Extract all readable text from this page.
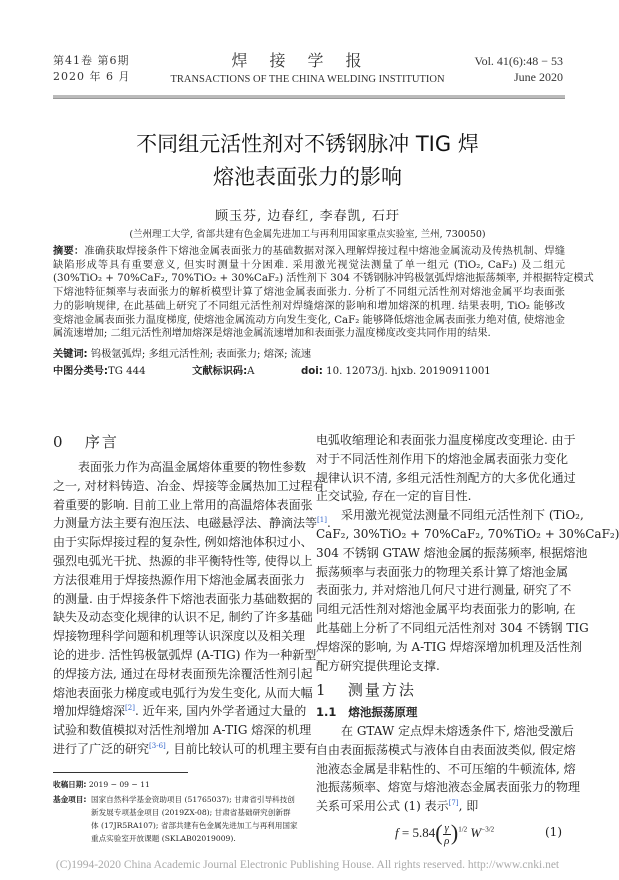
第41卷 第6期
2020 年 6 月
焊接学报
TRANSACTIONS OF THE CHINA WELDING INSTITUTION
Vol. 41(6):48 − 53
June 2020
不同组元活性剂对不锈钢脉冲 TIG 焊
熔池表面张力的影响
顾玉芬, 边春红, 李春凯, 石玗
(兰州理工大学, 省部共建有色金属先进加工与再利用国家重点实验室, 兰州, 730050)
摘要：准确获取焊接条件下熔池金属表面张力的基础数据对深入理解焊接过程中熔池金属流动及传热机制、焊缝
缺陷形成等具有重要意义, 但实时测量十分困难. 采用激光视觉法测量了单一组元 (TiO₂, CaF₂) 及二组元
(30%TiO₂ + 70%CaF₂, 70%TiO₂ + 30%CaF₂) 活性剂下 304 不锈钢脉冲钨极氩弧焊熔池振荡频率, 并根据特定模式
下熔池特征频率与表面张力的解析模型计算了熔池金属表面张力. 分析了不同组元活性剂对熔池金属平均表面张
力的影响规律, 在此基础上研究了不同组元活性剂对焊缝熔深的影响和增加熔深的机理. 结果表明, TiO₂ 能够改
变熔池金属表面张力温度梯度, 使熔池金属流动方向发生变化, CaF₂ 能够降低熔池金属表面张力绝对值, 使熔池金
属流速增加; 二组元活性剂增加熔深是熔池金属流速增加和表面张力温度梯度改变共同作用的结果.
关键词: 钨极氩弧焊; 多组元活性剂; 表面张力; 熔深; 流速
中图分类号:TG 444	文献标识码:A	doi: 10. 12073/j. hjxb. 20190911001
0 序言
表面张力作为高温金属熔体重要的物性参数
之一, 对材料铸造、冶金、焊接等金属热加工过程有
着重要的影响. 目前工业上常用的高温熔体表面张
力测量方法主要有泡压法、电磁悬浮法、静滴法等[1].
由于实际焊接过程的复杂性, 例如熔池体积过小、
强烈电弧光干扰、热源的非平衡特性等, 使得以上
方法很难用于焊接热源作用下熔池金属表面张力
的测量. 由于焊接条件下熔池表面张力基础数据的
缺失及动态变化规律的认识不足, 制约了许多基础
焊接物理科学问题和机理等认识深度以及相关理
论的进步. 活性钨极氩弧焊 (A-TIG) 作为一种新型
的焊接方法, 通过在母材表面预先涂覆活性剂引起
熔池表面张力梯度或电弧行为发生变化, 从而大幅
增加焊缝熔深[2]. 近年来, 国内外学者通过大量的
试验和数值模拟对活性剂增加 A-TIG 熔深的机理
进行了广泛的研究[3-6], 目前比较认可的机理主要有
电弧收缩理论和表面张力温度梯度改变理论. 由于
对于不同活性剂作用下的熔池金属表面张力变化
规律认识不清, 多组元活性剂配方的大多优化通过
正交试验, 存在一定的盲目性.
采用激光视觉法测量不同组元活性剂下 (TiO₂,
CaF₂, 30%TiO₂ + 70%CaF₂, 70%TiO₂ + 30%CaF₂)
304 不锈钢 GTAW 熔池金属的振荡频率, 根据熔池
振荡频率与表面张力的物理关系计算了熔池金属
表面张力, 并对熔池几何尺寸进行测量, 研究了不
同组元活性剂对熔池金属平均表面张力的影响, 在
此基础上分析了不同组元活性剂对 304 不锈钢 TIG
焊熔深的影响, 为 A-TIG 焊熔深增加机理及活性剂
配方研究提供理论支撑.
1 测量方法
1.1 熔池振荡原理
在 GTAW 定点焊未熔透条件下, 熔池受激后
自由表面振荡模式与液体自由表面波类似, 假定熔
池液态金属是非粘性的、不可压缩的牛顿流体, 熔
池振荡频率、熔宽与熔池液态金属表面张力的物理
关系可采用公式 (1) 表示[7], 即
$f = 5.84( \frac{\gamma}{\rho} )^{1/2}$ $W^{-3/2}$	(1)
收稿日期: 2019 − 09 − 11
基金项目: 国家自然科学基金资助项目 (51765037); 甘肃省引导科技创
新发展专项基金项目 (2019ZX-08); 甘肃省基础研究创新群
体 (17JR5RA107); 省部共建有色金属先进加工与再利用国家
重点实验室开放课题 (SKLAB02019009).
(C)1994-2020 China Academic Journal Electronic Publishing House. All rights reserved. http://www.cnki.net
